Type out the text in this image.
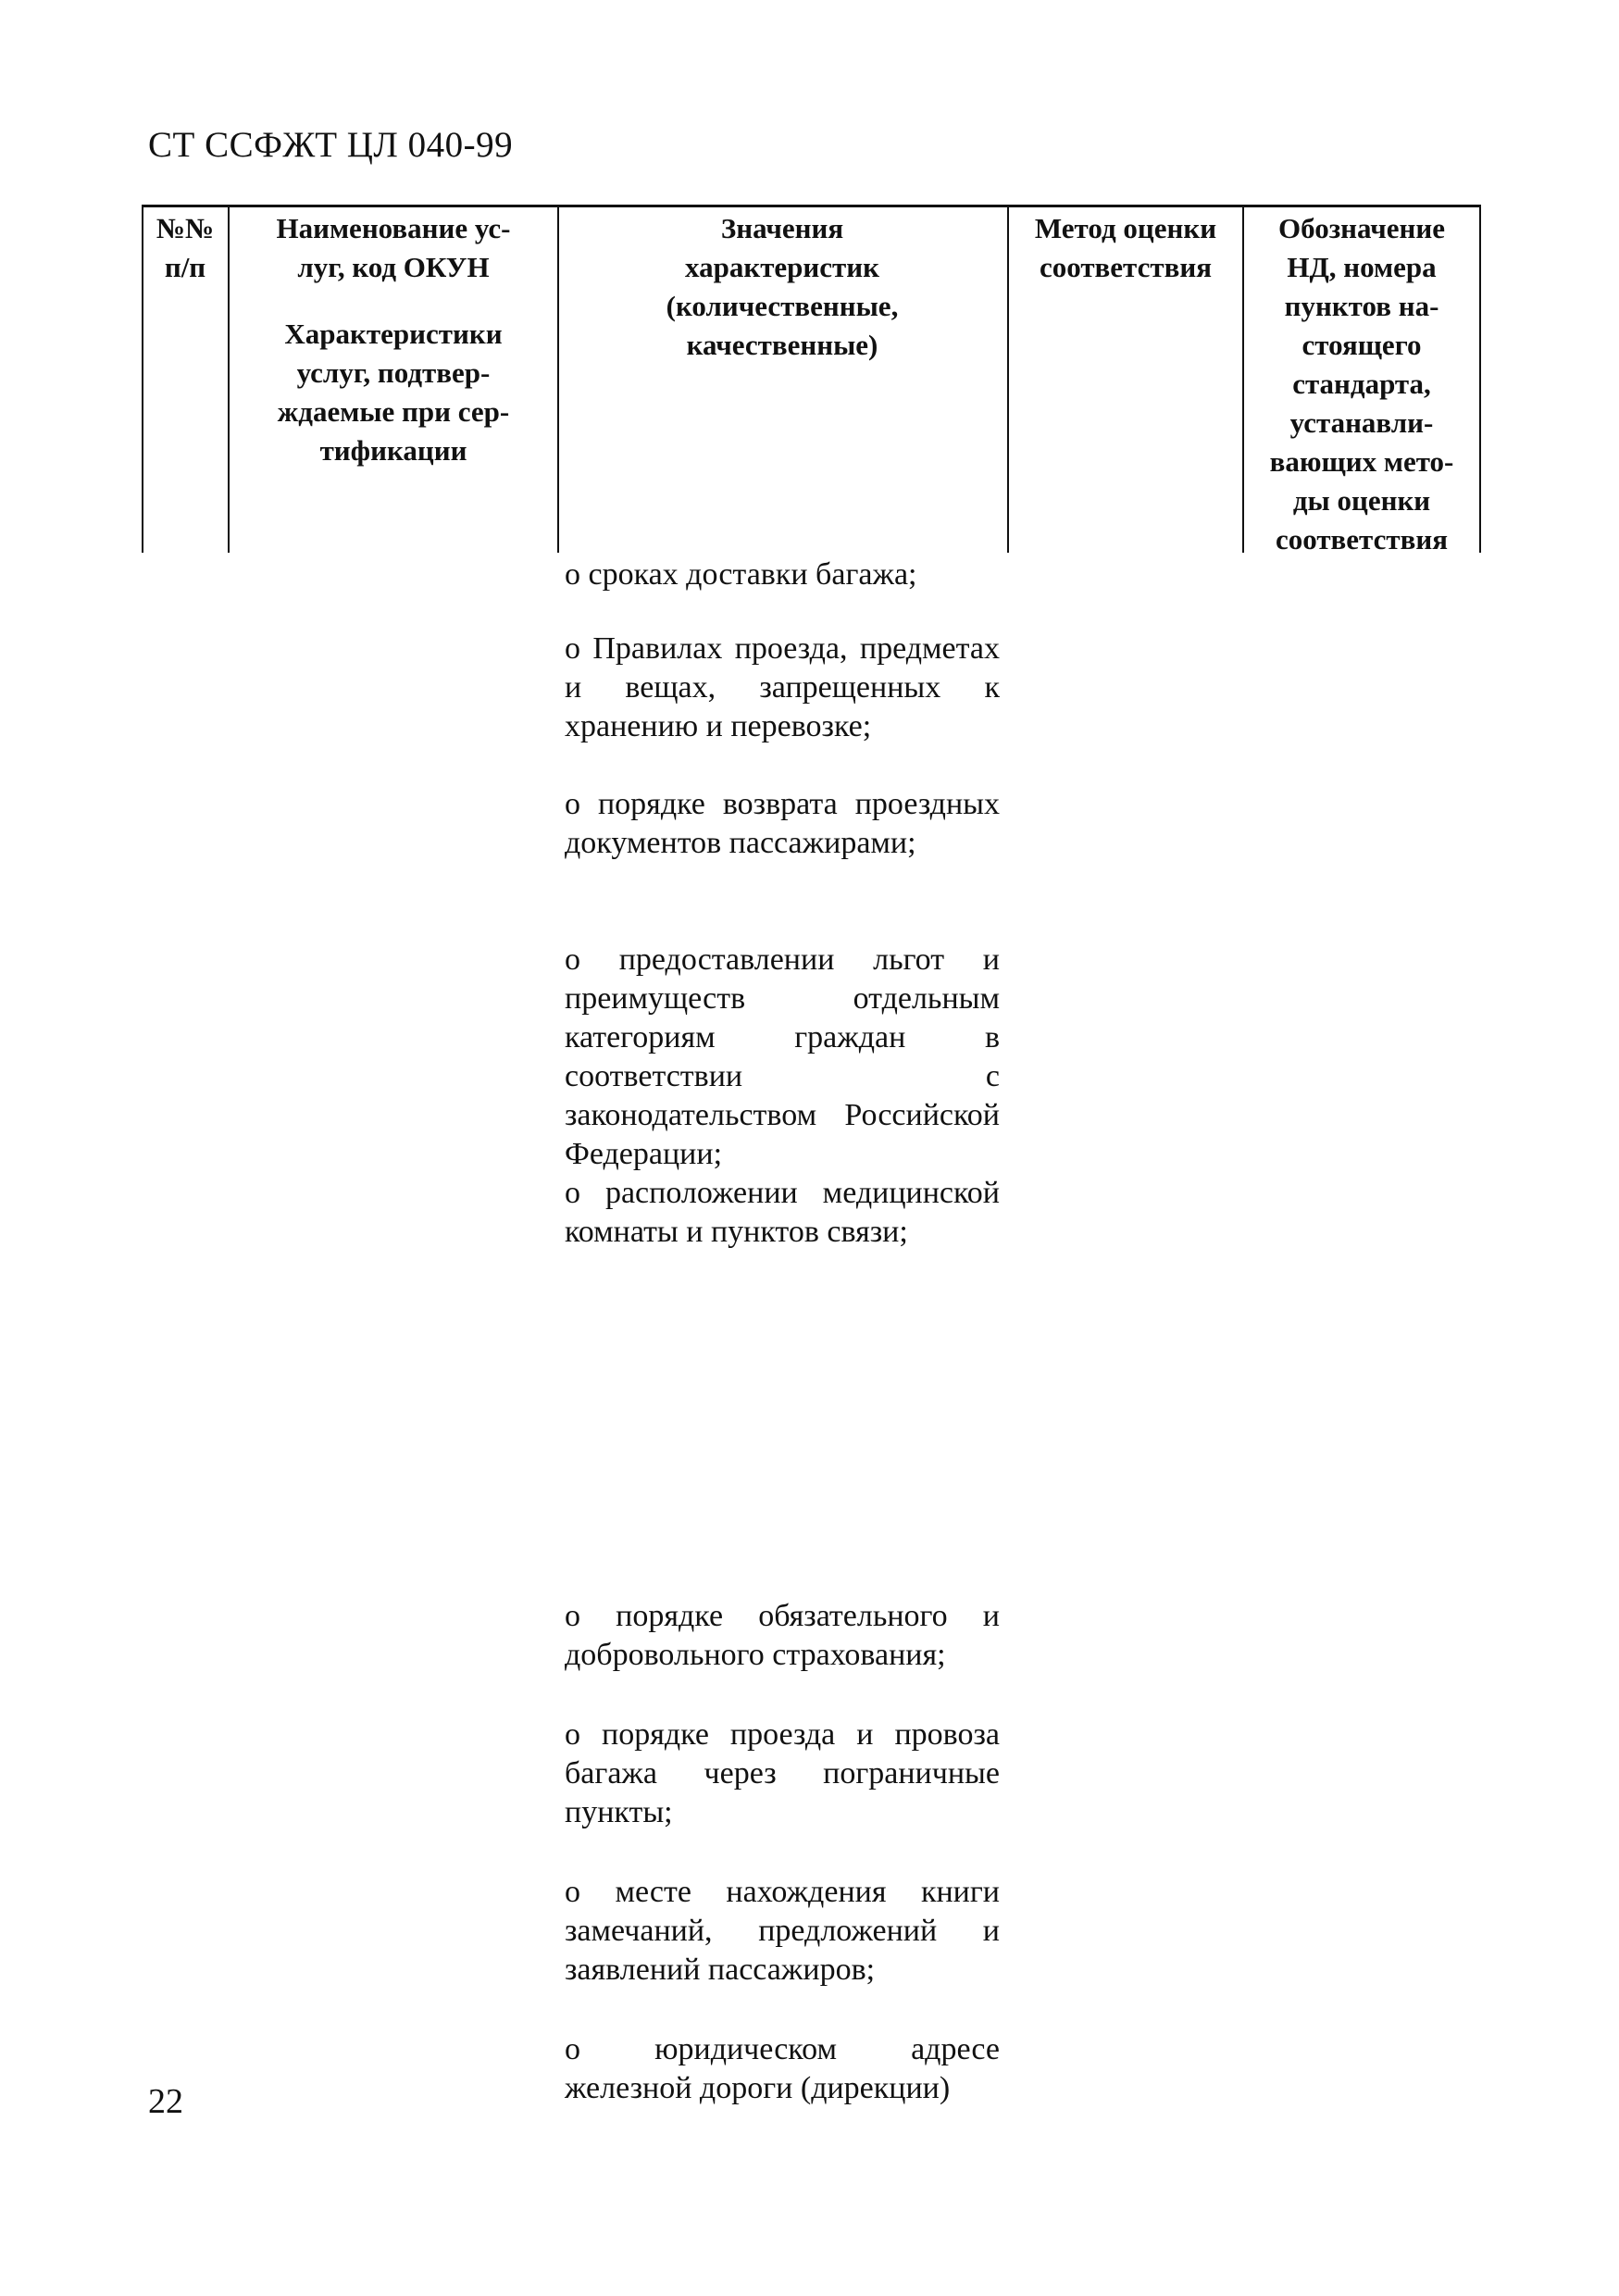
СТ ССФЖТ ЦЛ 040-99
№№
п/п
Наименование ус-
луг, код ОКУН
Характеристики
услуг, подтвер-
ждаемые при сер-
тификации
Значения
характеристик
(количественные,
качественные)
Метод оценки
соответствия
Обозначение
НД, номера
пунктов на-
стоящего
стандарта,
устанавли-
вающих мето-
ды оценки
соответствия

о сроках доставки багажа;

о Правилах проезда, предметах и вещах, запрещенных к хранению и перевозке;

о порядке возврата проездных документов пассажирами;

о предоставлении льгот и преимуществ отдельным категориям граждан в соответствии с законодательством Российской Федерации;

о расположении медицинской комнаты и пунктов связи;

о порядке обязательного и добровольного страхования;

о порядке проезда и провоза багажа через пограничные пункты;

о месте нахождения книги замечаний, предложений и заявлений пассажиров;

о юридическом адресе железной дороги (дирекции)

22
